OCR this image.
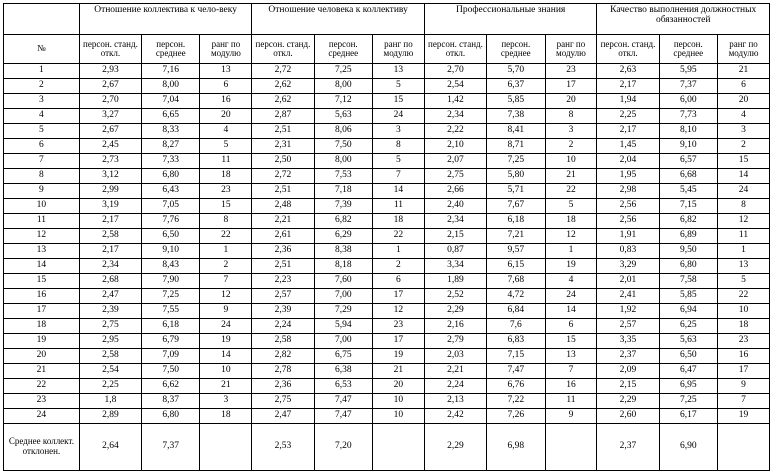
	Отношение коллектива к чело-веку			Отношение человека к коллективу			Профессиональные знания			Качество выполнения должностных обязанностей		
№	персон. станд. откл.	персон. среднее	ранг по модулю	персон. станд. откл.	персон. среднее	ранг по модулю	персон. станд. откл.	персон. среднее	ранг по модулю	персон. станд. откл.	персон. среднее	ранг по модулю
1	2,93	7,16	13	2,72	7,25	13	2,70	5,70	23	2,63	5,95	21
2	2,67	8,00	6	2,62	8,00	5	2,54	6,37	17	2,17	7,37	6
3	2,70	7,04	16	2,62	7,12	15	1,42	5,85	20	1,94	6,00	20
4	3,27	6,65	20	2,87	5,63	24	2,34	7,38	8	2,25	7,73	4
5	2,67	8,33	4	2,51	8,06	3	2,22	8,41	3	2,17	8,10	3
6	2,45	8,27	5	2,31	7,50	8	2,10	8,71	2	1,45	9,10	2
7	2,73	7,33	11	2,50	8,00	5	2,07	7,25	10	2,04	6,57	15
8	3,12	6,80	18	2,72	7,53	7	2,75	5,80	21	1,95	6,68	14
9	2,99	6,43	23	2,51	7,18	14	2,66	5,71	22	2,98	5,45	24
10	3,19	7,05	15	2,48	7,39	11	2,40	7,67	5	2,56	7,15	8
11	2,17	7,76	8	2,21	6,82	18	2,34	6,18	18	2,56	6,82	12
12	2,58	6,50	22	2,61	6,29	22	2,15	7,21	12	1,91	6,89	11
13	2,17	9,10	1	2,36	8,38	1	0,87	9,57	1	0,83	9,50	1
14	2,34	8,43	2	2,51	8,18	2	3,34	6,15	19	3,29	6,80	13
15	2,68	7,90	7	2,23	7,60	6	1,89	7,68	4	2,01	7,58	5
16	2,47	7,25	12	2,57	7,00	17	2,52	4,72	24	2,41	5,85	22
17	2,39	7,55	9	2,39	7,29	12	2,29	6,84	14	1,92	6,94	10
18	2,75	6,18	24	2,24	5,94	23	2,16	7,6	6	2,57	6,25	18
19	2,95	6,79	19	2,58	7,00	17	2,79	6,83	15	3,35	5,63	23
20	2,58	7,09	14	2,82	6,75	19	2,03	7,15	13	2,37	6,50	16
21	2,54	7,50	10	2,78	6,38	21	2,21	7,47	7	2,09	6,47	17
22	2,25	6,62	21	2,36	6,53	20	2,24	6,76	16	2,15	6,95	9
23	1,8	8,37	3	2,75	7,47	10	2,13	7,22	11	2,29	7,25	7
24	2,89	6,80	18	2,47	7,47	10	2,42	7,26	9	2,60	6,17	19
Среднее коллект. отклонен.	2,64	7,37		2,53	7,20		2,29	6,98		2,37	6,90	
